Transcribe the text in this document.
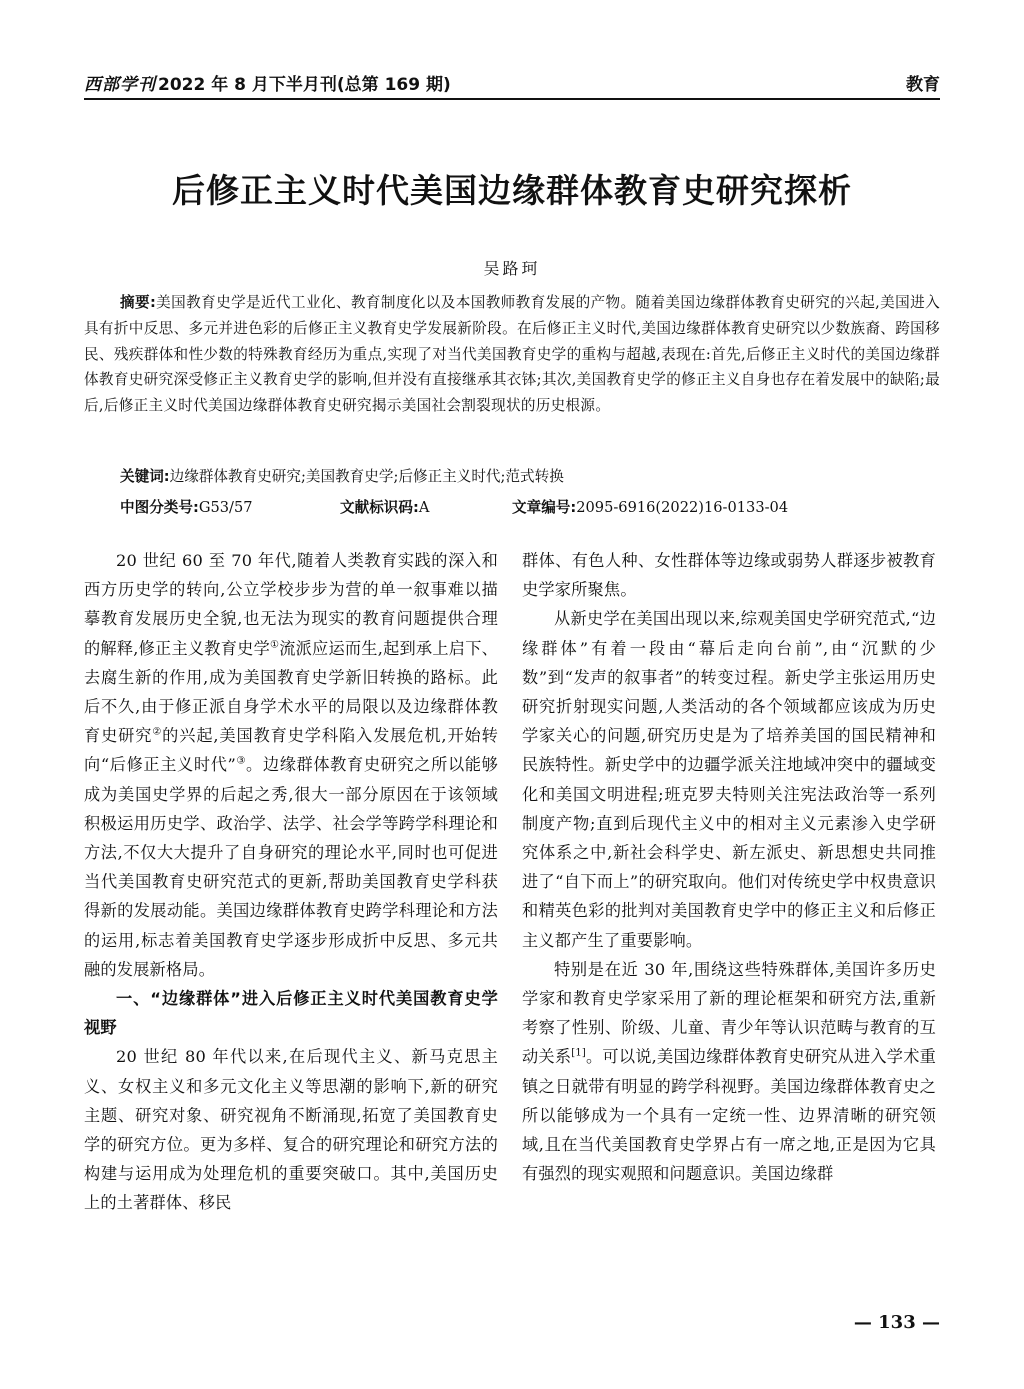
西部学刊 2022 年 8 月下半月刊(总第 169 期)	教育
后修正主义时代美国边缘群体教育史研究探析
吴路珂

摘要:美国教育史学是近代工业化、教育制度化以及本国教师教育发展的产物。随着美国边缘群体教育史研究的兴起,美国进入具有折中反思、多元并进色彩的后修正主义教育史学发展新阶段。在后修正主义时代,美国边缘群体教育史研究以少数族裔、跨国移民、残疾群体和性少数的特殊教育经历为重点,实现了对当代美国教育史学的重构与超越,表现在:首先,后修正主义时代的美国边缘群体教育史研究深受修正主义教育史学的影响,但并没有直接继承其衣钵;其次,美国教育史学的修正主义自身也存在着发展中的缺陷;最后,后修正主义时代美国边缘群体教育史研究揭示美国社会割裂现状的历史根源。

关键词:边缘群体教育史研究;美国教育史学;后修正主义时代;范式转换
中图分类号:G53/57	文献标识码:A	文章编号:2095-6916(2022)16-0133-04

20 世纪 60 至 70 年代,随着人类教育实践的深入和西方历史学的转向,公立学校步步为营的单一叙事难以描摹教育发展历史全貌,也无法为现实的教育问题提供合理的解释,修正主义教育史学①流派应运而生,起到承上启下、去腐生新的作用,成为美国教育史学新旧转换的路标。此后不久,由于修正派自身学术水平的局限以及边缘群体教育史研究②的兴起,美国教育史学科陷入发展危机,开始转向“后修正主义时代”③。边缘群体教育史研究之所以能够成为美国史学界的后起之秀,很大一部分原因在于该领域积极运用历史学、政治学、法学、社会学等跨学科理论和方法,不仅大大提升了自身研究的理论水平,同时也可促进当代美国教育史研究范式的更新,帮助美国教育史学科获得新的发展动能。美国边缘群体教育史跨学科理论和方法的运用,标志着美国教育史学逐步形成折中反思、多元共融的发展新格局。

一、“边缘群体”进入后修正主义时代美国教育史学视野

20 世纪 80 年代以来,在后现代主义、新马克思主义、女权主义和多元文化主义等思潮的影响下,新的研究主题、研究对象、研究视角不断涌现,拓宽了美国教育史学的研究方位。更为多样、复合的研究理论和研究方法的构建与运用成为处理危机的重要突破口。其中,美国历史上的土著群体、移民

群体、有色人种、女性群体等边缘或弱势人群逐步被教育史学家所聚焦。

从新史学在美国出现以来,综观美国史学研究范式,“边缘群体”有着一段由“幕后走向台前”,由“沉默的少数”到“发声的叙事者”的转变过程。新史学主张运用历史研究折射现实问题,人类活动的各个领域都应该成为历史学家关心的问题,研究历史是为了培养美国的国民精神和民族特性。新史学中的边疆学派关注地域冲突中的疆域变化和美国文明进程;班克罗夫特则关注宪法政治等一系列制度产物;直到后现代主义中的相对主义元素渗入史学研究体系之中,新社会科学史、新左派史、新思想史共同推进了“自下而上”的研究取向。他们对传统史学中权贵意识和精英色彩的批判对美国教育史学中的修正主义和后修正主义都产生了重要影响。

特别是在近 30 年,围绕这些特殊群体,美国许多历史学家和教育史学家采用了新的理论框架和研究方法,重新考察了性别、阶级、儿童、青少年等认识范畴与教育的互动关系[1]。可以说,美国边缘群体教育史研究从进入学术重镇之日就带有明显的跨学科视野。美国边缘群体教育史之所以能够成为一个具有一定统一性、边界清晰的研究领域,且在当代美国教育史学界占有一席之地,正是因为它具有强烈的现实观照和问题意识。美国边缘群

— 133 —
